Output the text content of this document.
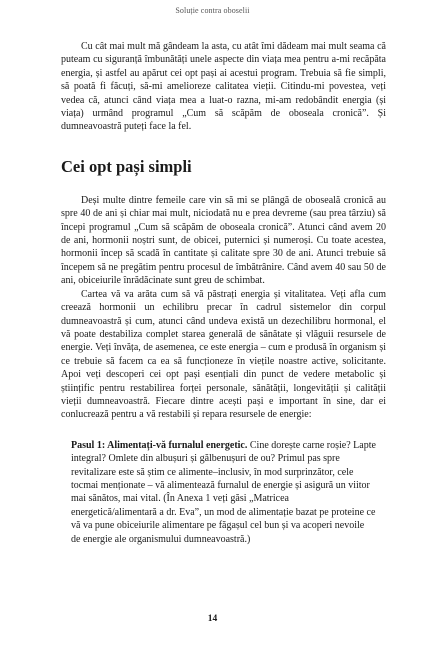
Soluție contra oboselii

Cu cât mai mult mă gândeam la asta, cu atât îmi dădeam mai mult seama că puteam cu siguranță îmbunătăți unele aspecte din viața mea pentru a-mi recăpăta energia, și astfel au apărut cei opt pași ai acestui program. Trebuia să fie simpli, să poată fi făcuți, să-mi amelioreze calitatea vieții. Citindu-mi povestea, veți vedea că, atunci când viața mea a luat-o razna, mi-am redobândit energia (și viața) urmând programul „Cum să scăpăm de oboseala cronică”. Și dumneavoastră puteți face la fel.

Cei opt pași simpli

Deși multe dintre femeile care vin să mi se plângă de oboseală cronică au spre 40 de ani și chiar mai mult, niciodată nu e prea devreme (sau prea târziu) să începi programul „Cum să scăpăm de oboseala cronică”. Atunci când avem 20 de ani, hormonii noștri sunt, de obicei, puternici și numeroși. Cu toate acestea, hormonii încep să scadă în cantitate și calitate spre 30 de ani. Atunci trebuie să începem să ne pregătim pentru procesul de îmbătrânire. Când avem 40 sau 50 de ani, obiceiurile înrădăcinate sunt greu de schimbat.

Cartea vă va arăta cum să vă păstrați energia și vitalitatea. Veți afla cum creează hormonii un echilibru precar în cadrul sistemelor din corpul dumneavoastră și cum, atunci când undeva există un dezechilibru hormonal, el vă poate destabiliza complet starea generală de sănătate și vlăguii resursele de energie. Veți învăța, de asemenea, ce este energia – cum e produsă în organism și ce trebuie să facem ca ea să funcționeze în viețile noastre active, solicitante. Apoi veți descoperi cei opt pași esențiali din punct de vedere metabolic și științific pentru restabilirea forței personale, sănătății, longevității și calității vieții dumneavoastră. Fiecare dintre acești pași e important în sine, dar ei conlucrează pentru a vă restabili și repara resursele de energie:

Pasul 1: Alimentați-vă furnalul energetic. Cine dorește carne roșie? Lapte integral? Omlete din albușuri și gălbenușuri de ou? Primul pas spre revitalizare este să știm ce alimente–inclusiv, în mod surprinzător, cele tocmai menționate – vă alimentează furnalul de energie și asigură un viitor mai sănătos, mai vital. (În Anexa 1 veți găsi „Matricea energetică/alimentară a dr. Eva”, un mod de alimentație bazat pe proteine ce vă va pune obiceiurile alimentare pe făgașul cel bun și va acoperi nevoile de energie ale organismului dumneavoastră.)

14
